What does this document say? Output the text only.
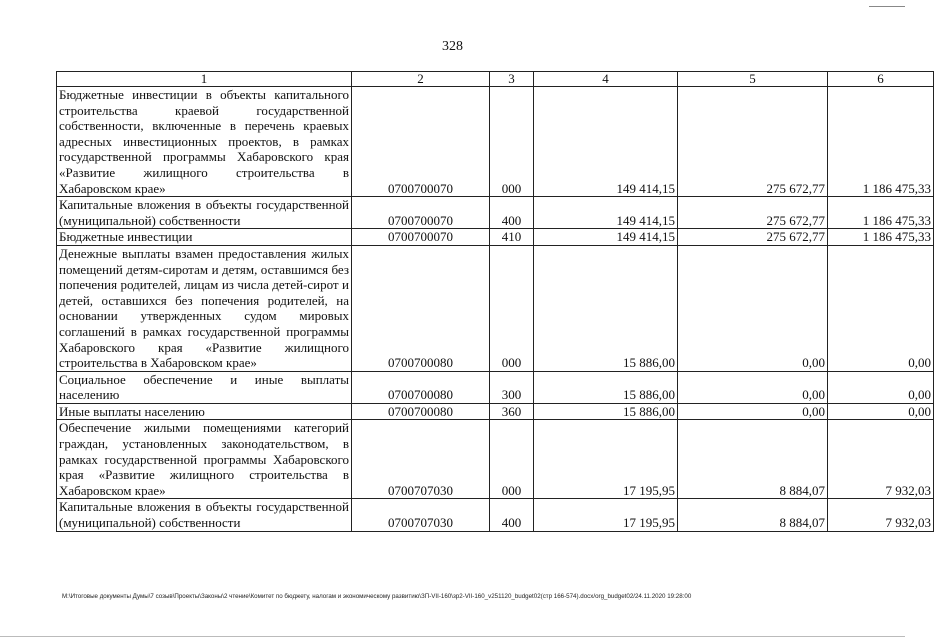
328
1	2	3	4	5	6
Бюджетные инвестиции в объекты капитального строительства краевой государственной собственности, включенные в перечень краевых адресных инвестиционных проектов, в рамках государственной программы Хабаровского края «Развитие жилищного строительства в Хабаровском крае»	0700700070	000	149 414,15	275 672,77	1 186 475,33
Капитальные вложения в объекты государственной (муниципальной) собственности	0700700070	400	149 414,15	275 672,77	1 186 475,33
Бюджетные инвестиции	0700700070	410	149 414,15	275 672,77	1 186 475,33
Денежные выплаты взамен предоставления жилых помещений детям-сиротам и детям, оставшимся без попечения родителей, лицам из числа детей-сирот и детей, оставшихся без попечения родителей, на основании утвержденных судом мировых соглашений в рамках государственной программы Хабаровского края «Развитие жилищного строительства в Хабаровском крае»	0700700080	000	15 886,00	0,00	0,00
Социальное обеспечение и иные выплаты населению	0700700080	300	15 886,00	0,00	0,00
Иные выплаты населению	0700700080	360	15 886,00	0,00	0,00
Обеспечение жилыми помещениями категорий граждан, установленных законодательством, в рамках государственной программы Хабаровского края «Развитие жилищного строительства в Хабаровском крае»	0700707030	000	17 195,95	8 884,07	7 932,03
Капитальные вложения в объекты государственной (муниципальной) собственности	0700707030	400	17 195,95	8 884,07	7 932,03
M:\Итоговые документы Думы\7 созыв\Проекты\Законы\2 чтение\Комитет по бюджету, налогам и экономическому развитию\ЗП-VII-160\зр2-VII-160_v251120_budget02(стр 166-574).docx/org_budget02/24.11.2020 19:28:00
